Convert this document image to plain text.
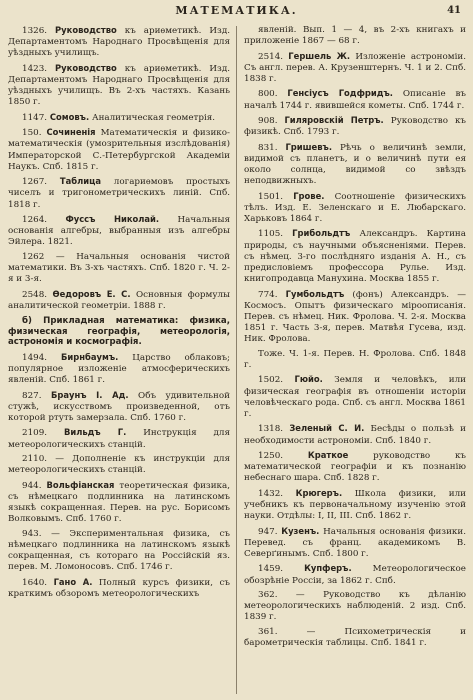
МАТЕМАТИКА.	41

1326. Руководство къ ариѳметикѣ. Изд. Департаментомъ Народнаго Просвѣщенія для уѣздныхъ училищъ.

1423. Руководство къ ариѳметикѣ. Изд. Департаментомъ Народнаго Просвѣщенія для уѣздныхъ училищъ. Въ 2-хъ частяхъ. Казань 1850 г.

1147. Сомовъ. Аналитическая геометрія.

150. Сочиненія Математическія и физико-математическія (умозрительныя изслѣдованія) Императорской С.-Петербургской Академіи Наукъ. Спб. 1815 г.

1267. Таблица логариѳмовъ простыхъ чиселъ и тригонометрическихъ линій. Спб. 1818 г.

1264. Фуссъ Николай. Начальныя основанія алгебры, выбранныя изъ алгебры Эйлера. 1821.

1262 — Начальныя основанія чистой математики. Въ 3-хъ частяхъ. Спб. 1820 г. Ч. 2-я и 3-я.

2548. Ѳедоровъ Е. С. Основныя формулы аналитической геометріи. 1888 г.

б) Прикладная математика: физика, физическая географія, метеорологія, астрономія и космографія.

1494. Бирнбаумъ. Царство облаковъ; популярное изложеніе атмосферическихъ явленій. Спб. 1861 г.

827. Браунъ I. Ад. Объ удивительной стужѣ, искусствомъ произведенной, отъ которой ртуть замерзала. Спб. 1760 г.

2109. Вильдъ Г. Инструкція для метеорологическихъ станцій.

2110. — Дополненіе къ инструкціи для метеорологическихъ станцій.

944. Вольфіанская теоретическая физика, съ нѣмецкаго подлинника на латинскомъ языкѣ сокращенная. Перев. на рус. Борисомъ Волковымъ. Спб. 1760 г.

943. — Экспериментальная физика, съ нѣмецкаго подлинника на латинскомъ языкѣ сокращенная, съ котораго на Россійскій яз. перев. М. Ломоносовъ. Спб. 1746 г.

1640. Гано А. Полный курсъ физики, съ краткимъ обзоромъ метеорологическихъ

явленій. Вып. 1 — 4, въ 2-хъ книгахъ и приложеніе 1867 — 68 г.

2514. Гершель Ж. Изложеніе астрономіи. Съ англ. перев. А. Крузенштернъ. Ч. 1 и 2. Спб. 1838 г.

800. Генсіусъ Годфридъ. Описаніе въ началѣ 1744 г. явившейся кометы. Спб. 1744 г.

908. Гиляровскій Петръ. Руководство къ физикѣ. Спб. 1793 г.

831. Гришевъ. Рѣчь о величинѣ земли, видимой съ планетъ, и о величинѣ пути ея около солнца, видимой со звѣздъ неподвижныхъ.

1501. Грове. Соотношеніе физическихъ тѣлъ. Изд. Е. Зеленскаго и Е. Любарскаго. Харьковъ 1864 г.

1105. Грибольдтъ Александръ. Картина природы, съ научными объясненіями. Перев. съ нѣмец. 3-го послѣдняго изданія А. Н., съ предисловіемъ профессора Рулье. Изд. книгопродавца Манухина. Москва 1855 г.

774. Гумбольдтъ (фонъ) Александръ. — Космосъ. Опытъ физическаго міроописанія. Перев. съ нѣмец. Ник. Фролова. Ч. 2-я. Москва 1851 г. Часть 3-я, перев. Матвѣя Гусева, изд. Ник. Фролова.

Тоже. Ч. 1-я. Перев. Н. Фролова. Спб. 1848 г.

1502. Гюйо. Земля и человѣкъ, или физическая географія въ отношеніи исторіи человѣческаго рода. Спб. съ англ. Москва 1861 г.

1318. Зеленый С. И. Бесѣды о пользѣ и необходимости астрономіи. Спб. 1840 г.

1250.	Краткое	руководство къ математической географіи и къ познанію небеснаго шара. Спб. 1828 г.

1432. Крюгеръ. Школа физики, или учебникъ къ первоначальному изученію этой науки. Отдѣлы: I, II, III. Спб. 1862 г.

947. Кузенъ. Начальныя основанія физики. Перевед. съ франц. академикомъ В. Северґинымъ. Спб. 1800 г.

1459.	Купферъ. Метеорологическое обозрѣніе Россіи, за 1862 г. Спб.

362. — Руководство къ дѣланію метеорологическихъ наблюденій. 2 изд. Спб. 1839 г.

361.	— Психометрическія и барометрическія таблицы. Спб. 1841 г.
